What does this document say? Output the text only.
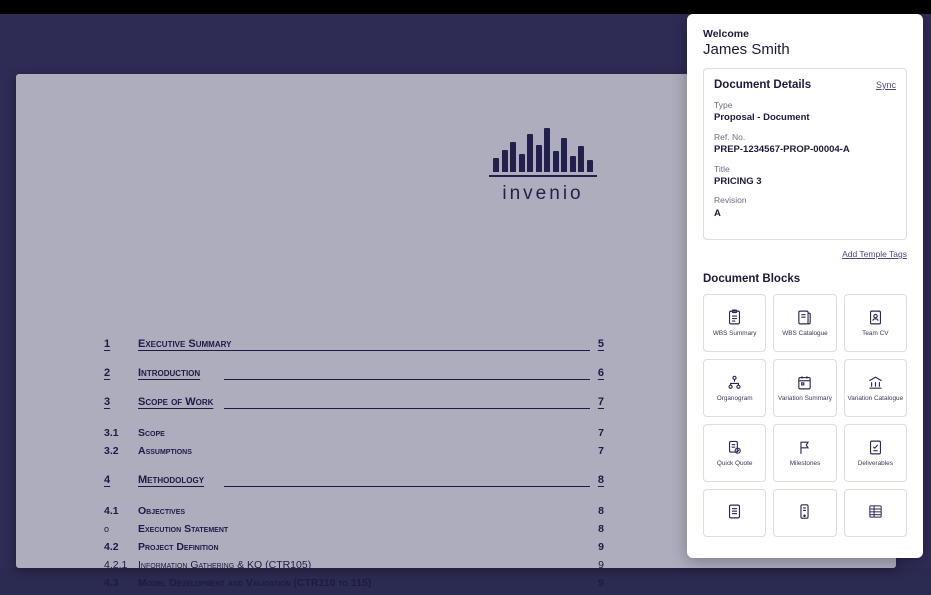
invenio
1	Executive Summary	5
2	Introduction	6
3	Scope of Work	7
3.1	Scope	7
3.2	Assumptions	7
4	Methodology	8
4.1	Objectives	8
o	Execution Statement	8
4.2	Project Definition	9
4.2.1	Information Gathering & KO (CTR105)	9
4.3	Model Development and Validation (CTR110 to 115)	9
Welcome
James Smith
Document Details	Sync
Type
Proposal - Document
Ref. No.
PREP-1234567-PROP-00004-A
Title
PRICING 3
Revision
A
Add Temple Tags
Document Blocks
WBS Summary	WBS Catalogue	Team CV
Organogram	Variation Summary	Variation Catalogue
Quick Quote	Milestones	Deliverables
